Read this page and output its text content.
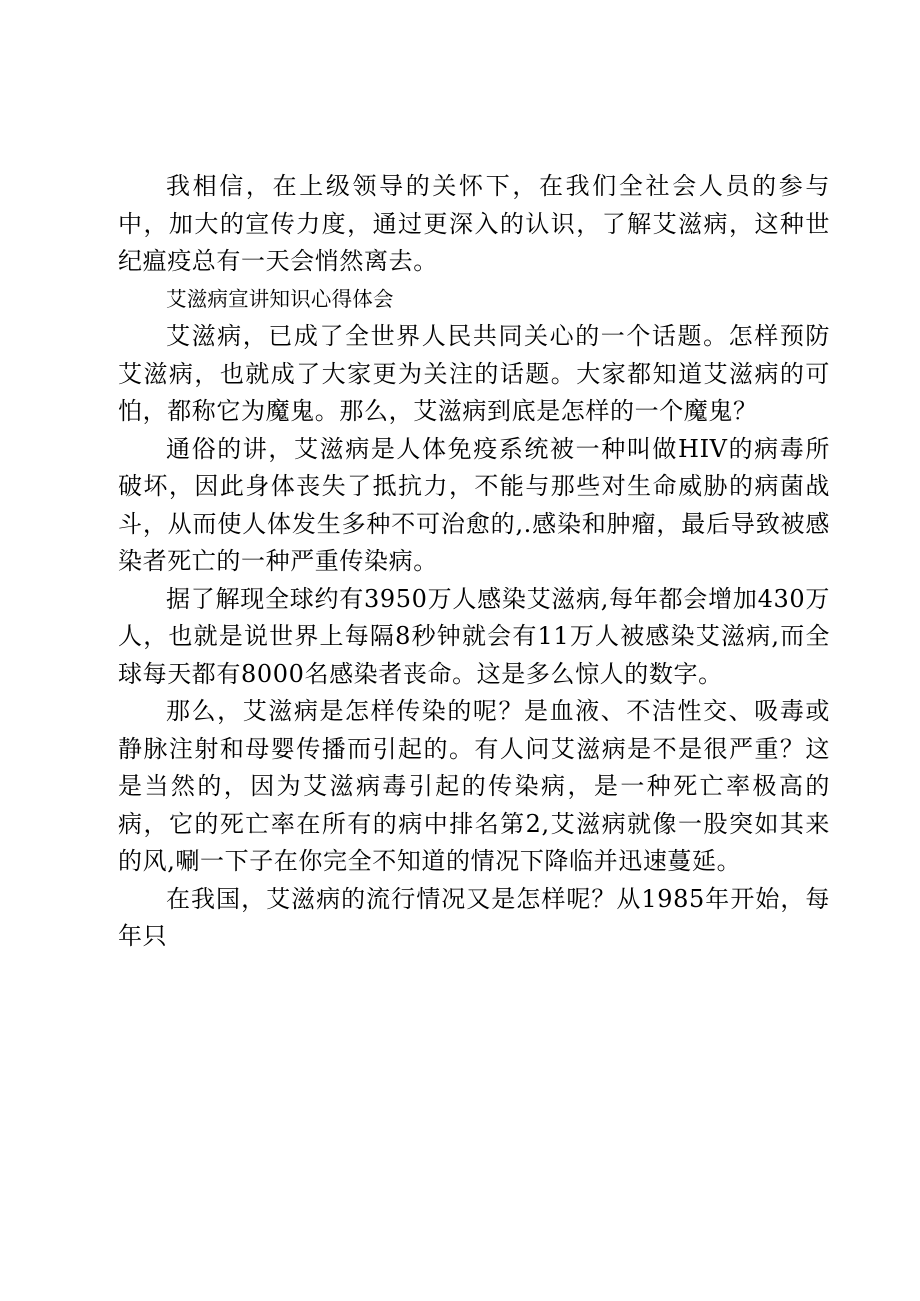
我相信，在上级领导的关怀下，在我们全社会人员的参与中，加大的宣传力度，通过更深入的认识，了解艾滋病，这种世纪瘟疫总有一天会悄然离去。

艾滋病宣讲知识心得体会

艾滋病，已成了全世界人民共同关心的一个话题。怎样预防艾滋病，也就成了大家更为关注的话题。大家都知道艾滋病的可怕，都称它为魔鬼。那么，艾滋病到底是怎样的一个魔鬼？

通俗的讲，艾滋病是人体免疫系统被一种叫做HIV的病毒所破坏，因此身体丧失了抵抗力，不能与那些对生命威胁的病菌战斗，从而使人体发生多种不可治愈的,.感染和肿瘤，最后导致被感染者死亡的一种严重传染病。

据了解现全球约有3950万人感染艾滋病,每年都会增加430万人，也就是说世界上每隔8秒钟就会有11万人被感染艾滋病,而全球每天都有8000名感染者丧命。这是多么惊人的数字。

那么，艾滋病是怎样传染的呢？是血液、不洁性交、吸毒或静脉注射和母婴传播而引起的。有人问艾滋病是不是很严重？这是当然的，因为艾滋病毒引起的传染病，是一种死亡率极高的病，它的死亡率在所有的病中排名第2,艾滋病就像一股突如其来的风,唰一下子在你完全不知道的情况下降临并迅速蔓延。

在我国，艾滋病的流行情况又是怎样呢？从1985年开始，每年只
